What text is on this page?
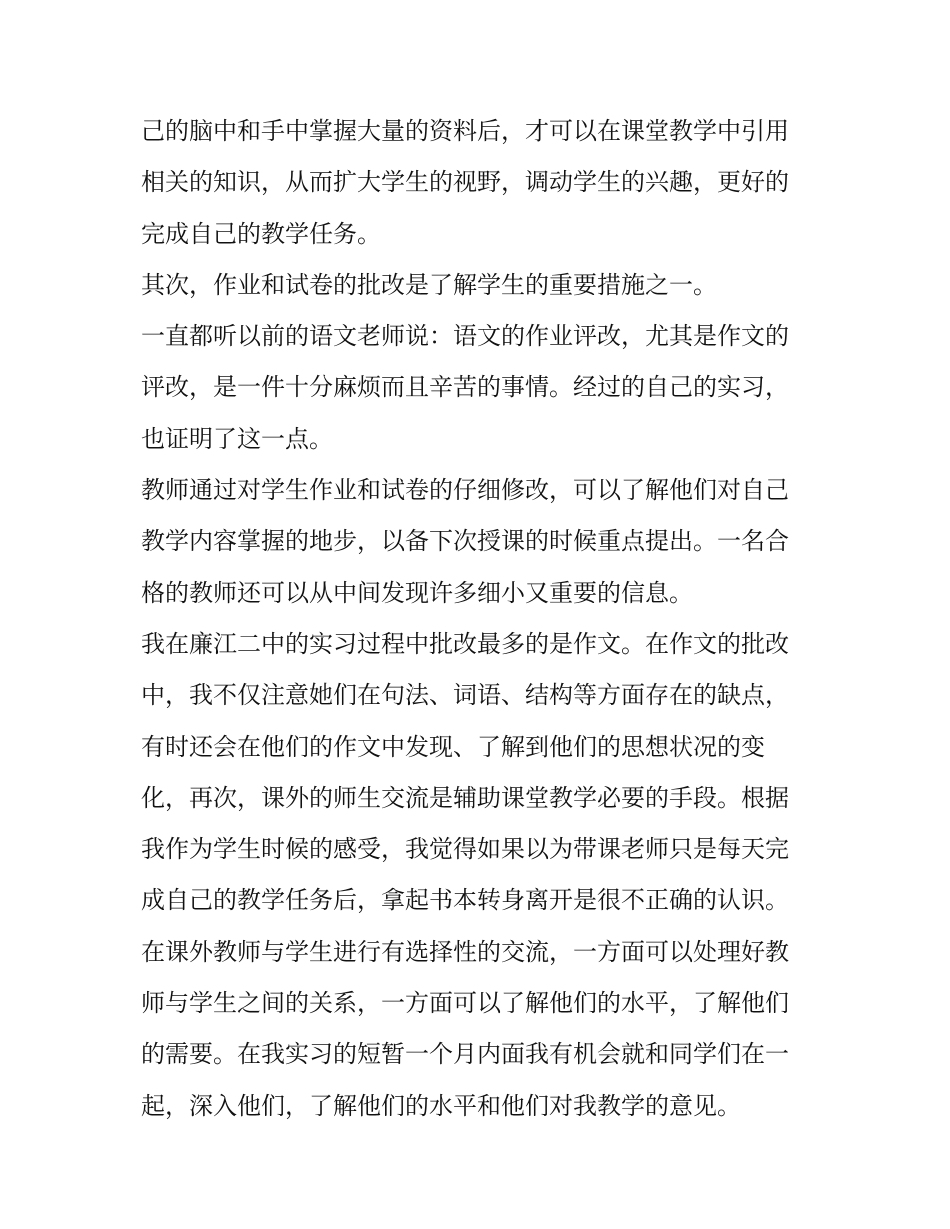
己的脑中和手中掌握大量的资料后，才可以在课堂教学中引用
相关的知识，从而扩大学生的视野，调动学生的兴趣，更好的
完成自己的教学任务。
其次，作业和试卷的批改是了解学生的重要措施之一。
一直都听以前的语文老师说：语文的作业评改，尤其是作文的
评改，是一件十分麻烦而且辛苦的事情。经过的自己的实习，
也证明了这一点。
教师通过对学生作业和试卷的仔细修改，可以了解他们对自己
教学内容掌握的地步，以备下次授课的时候重点提出。一名合
格的教师还可以从中间发现许多细小又重要的信息。
我在廉江二中的实习过程中批改最多的是作文。在作文的批改
中，我不仅注意她们在句法、词语、结构等方面存在的缺点，
有时还会在他们的作文中发现、了解到他们的思想状况的变
化，再次，课外的师生交流是辅助课堂教学必要的手段。根据
我作为学生时候的感受，我觉得如果以为带课老师只是每天完
成自己的教学任务后，拿起书本转身离开是很不正确的认识。
在课外教师与学生进行有选择性的交流，一方面可以处理好教
师与学生之间的关系，一方面可以了解他们的水平，了解他们
的需要。在我实习的短暂一个月内面我有机会就和同学们在一
起，深入他们，了解他们的水平和他们对我教学的意见。
